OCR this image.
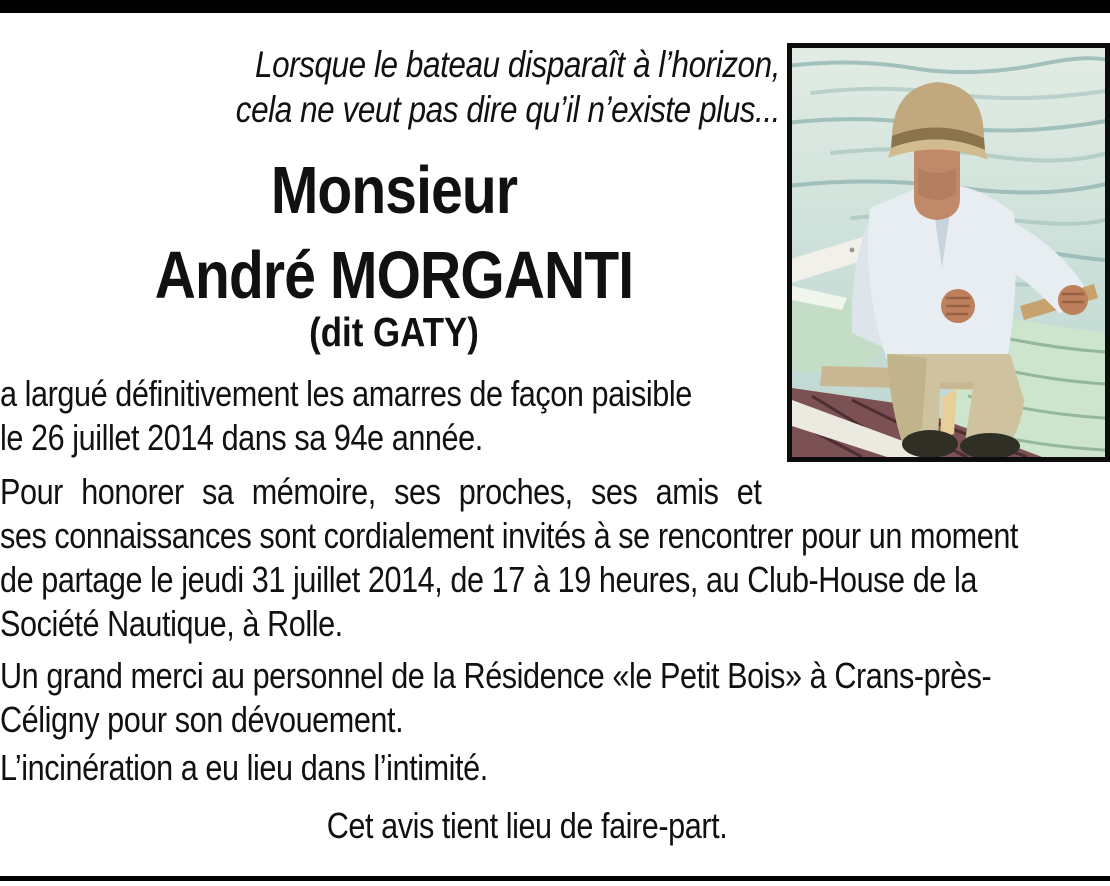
Lorsque le bateau disparaît à l’horizon,
cela ne veut pas dire qu’il n’existe plus...
Monsieur
André MORGANTI
(dit GATY)
a largué définitivement les amarres de façon paisible
le 26 juillet 2014 dans sa 94e année.
Pour honorer sa mémoire, ses proches, ses amis et
ses connaissances sont cordialement invités à se rencontrer pour un moment
de partage le jeudi 31 juillet 2014, de 17 à 19 heures, au Club-House de la
Société Nautique, à Rolle.
Un grand merci au personnel de la Résidence «le Petit Bois» à Crans-près-
Céligny pour son dévouement.
L’incinération a eu lieu dans l’intimité.
Cet avis tient lieu de faire-part.
